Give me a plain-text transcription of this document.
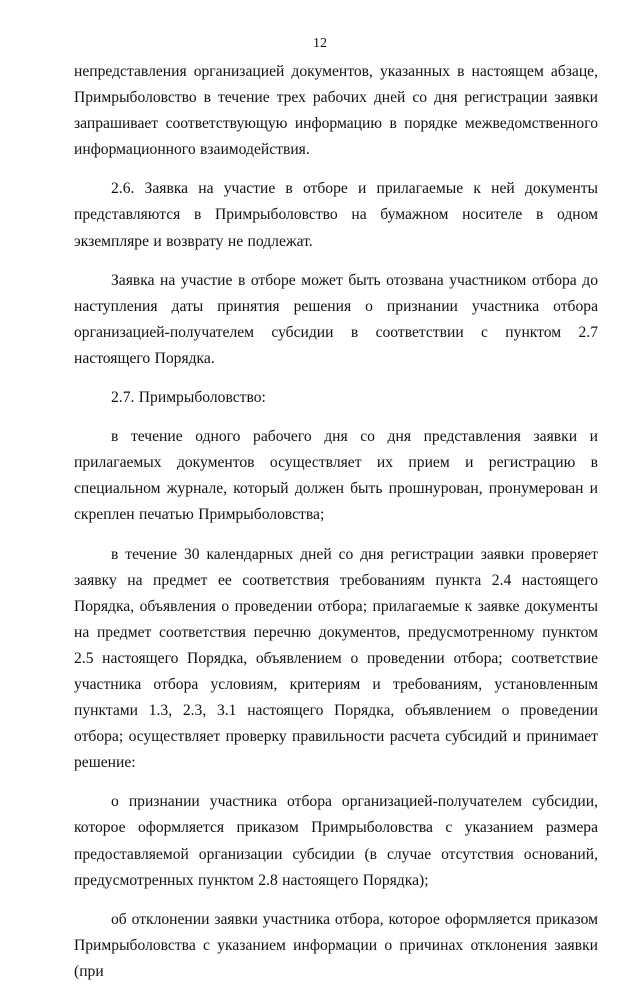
12

непредставления организацией документов, указанных в настоящем абзаце, Примрыболовство в течение трех рабочих дней со дня регистрации заявки запрашивает соответствующую информацию в порядке межведомственного информационного взаимодействия.

2.6. Заявка на участие в отборе и прилагаемые к ней документы представляются в Примрыболовство на бумажном носителе в одном экземпляре и возврату не подлежат.

Заявка на участие в отборе может быть отозвана участником отбора до наступления даты принятия решения о признании участника отбора организацией-получателем субсидии в соответствии с пунктом 2.7 настоящего Порядка.

2.7. Примрыболовство:

в течение одного рабочего дня со дня представления заявки и прилагаемых документов осуществляет их прием и регистрацию в специальном журнале, который должен быть прошнурован, пронумерован и скреплен печатью Примрыболовства;

в течение 30 календарных дней со дня регистрации заявки проверяет заявку на предмет ее соответствия требованиям пункта 2.4 настоящего Порядка, объявления о проведении отбора; прилагаемые к заявке документы на предмет соответствия перечню документов, предусмотренному пунктом 2.5 настоящего Порядка, объявлением о проведении отбора; соответствие участника отбора условиям, критериям и требованиям, установленным пунктами 1.3, 2.3, 3.1 настоящего Порядка, объявлением о проведении отбора; осуществляет проверку правильности расчета субсидий и принимает решение:

о признании участника отбора организацией-получателем субсидии, которое оформляется приказом Примрыболовства с указанием размера предоставляемой организации субсидии (в случае отсутствия оснований, предусмотренных пунктом 2.8 настоящего Порядка);

об отклонении заявки участника отбора, которое оформляется приказом Примрыболовства с указанием информации о причинах отклонения заявки (при
